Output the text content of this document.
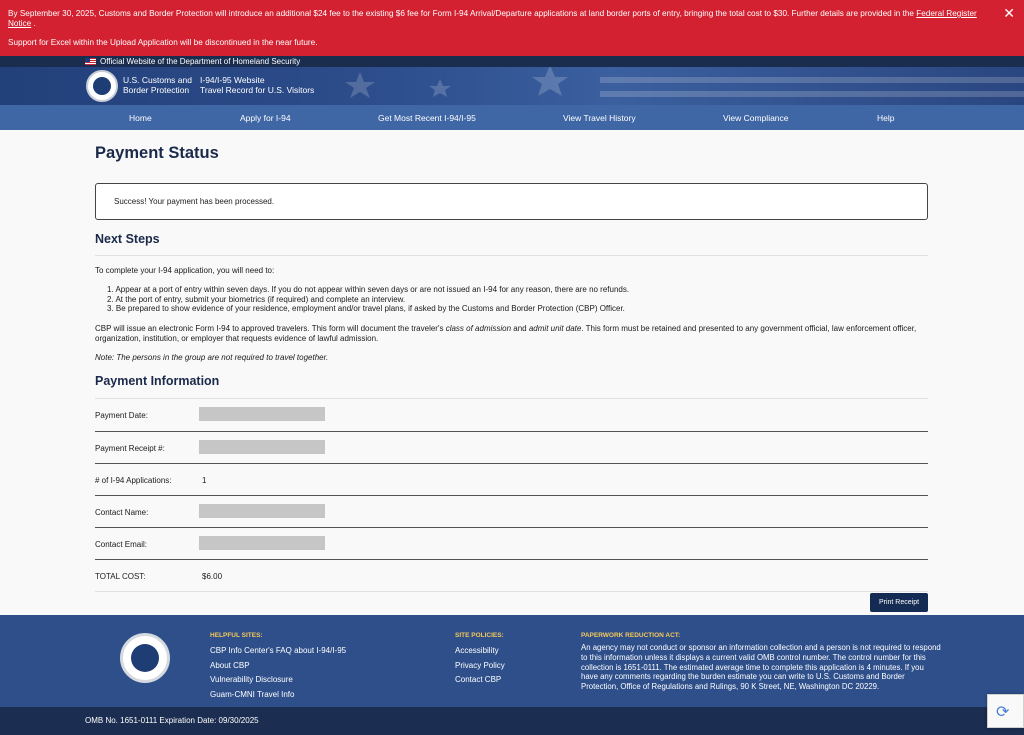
By September 30, 2025, Customs and Border Protection will introduce an additional $24 fee to the existing $6 fee for Form I-94 Arrival/Departure applications at land border ports of entry, bringing the total cost to $30. Further details are provided in the Federal Register Notice .
Support for Excel within the Upload Application will be discontinued in the near future.
✕
Official Website of the Department of Homeland Security
U.S. Customs and
Border Protection
I-94/I-95 Website
Travel Record for U.S. Visitors
Home	Apply for I-94	Get Most Recent I-94/I-95	View Travel History	View Compliance	Help
Payment Status
Success! Your payment has been processed.
Next Steps
To complete your I-94 application, you will need to:
1. Appear at a port of entry within seven days. If you do not appear within seven days or are not issued an I-94 for any reason, there are no refunds.
2. At the port of entry, submit your biometrics (if required) and complete an interview.
3. Be prepared to show evidence of your residence, employment and/or travel plans, if asked by the Customs and Border Protection (CBP) Officer.
CBP will issue an electronic Form I-94 to approved travelers. This form will document the traveler's class of admission and admit unit date. This form must be retained and presented to any government official, law enforcement officer, organization, institution, or employer that requests evidence of lawful admission.
Note: The persons in the group are not required to travel together.
Payment Information
Payment Date:
Payment Receipt #:
# of I-94 Applications:	1
Contact Name:
Contact Email:
TOTAL COST:	$6.00
Print Receipt
HELPFUL SITES:
CBP Info Center's FAQ about I-94/I-95
About CBP
Vulnerability Disclosure
Guam-CMNI Travel Info
SITE POLICIES:
Accessibility
Privacy Policy
Contact CBP
PAPERWORK REDUCTION ACT:
An agency may not conduct or sponsor an information collection and a person is not required to respond to this information unless it displays a current valid OMB control number. The control number for this collection is 1651-0111. The estimated average time to complete this application is 4 minutes. If you have any comments regarding the burden estimate you can write to U.S. Customs and Border Protection, Office of Regulations and Rulings, 90 K Street, NE, Washington DC 20229.
OMB No. 1651-0111 Expiration Date: 09/30/2025	⟳
